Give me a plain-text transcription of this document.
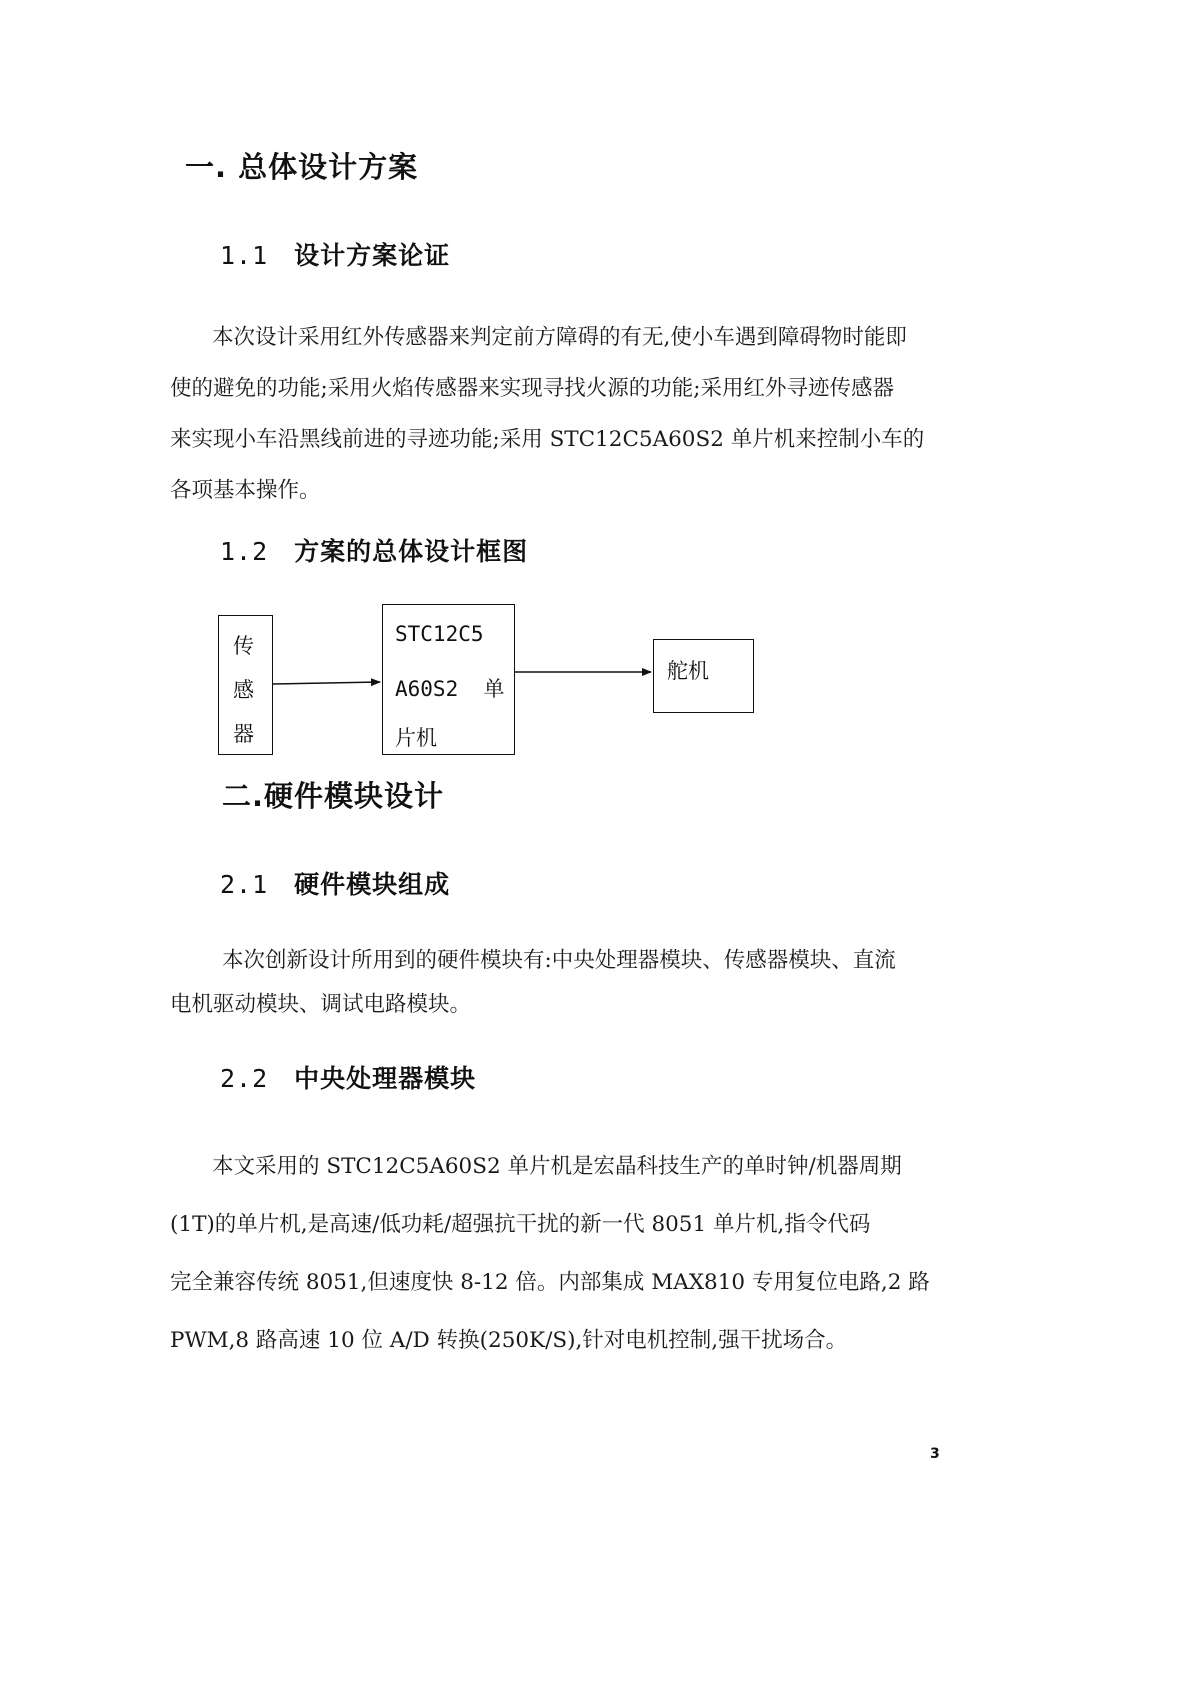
一. 总体设计方案
1.1 设计方案论证
本次设计采用红外传感器来判定前方障碍的有无,使小车遇到障碍物时能即
使的避免的功能;采用火焰传感器来实现寻找火源的功能;采用红外寻迹传感器
来实现小车沿黑线前进的寻迹功能;采用 STC12C5A60S2 单片机来控制小车的
各项基本操作。
1.2 方案的总体设计框图
传
感
器
STC12C5
A60S2  单
片机
舵机
二.硬件模块设计
2.1 硬件模块组成
本次创新设计所用到的硬件模块有:中央处理器模块、传感器模块、直流
电机驱动模块、调试电路模块。
2.2 中央处理器模块
本文采用的 STC12C5A60S2 单片机是宏晶科技生产的单时钟/机器周期
(1T)的单片机,是高速/低功耗/超强抗干扰的新一代 8051 单片机,指令代码
完全兼容传统 8051,但速度快 8-12 倍。内部集成 MAX810 专用复位电路,2 路
PWM,8 路高速 10 位 A/D 转换(250K/S),针对电机控制,强干扰场合。
3
